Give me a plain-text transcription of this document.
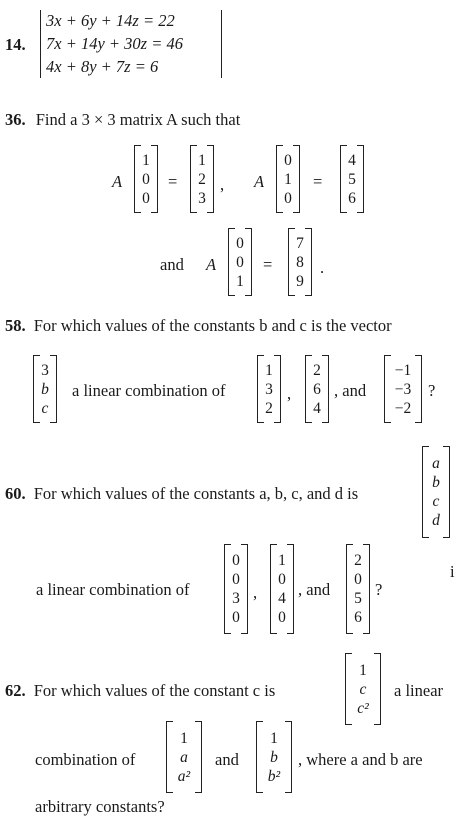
14.
3x + 6y + 14z = 22
7x + 14y + 30z = 46
4x + 8y + 7z = 6
36. Find a 3 × 3 matrix A such that
A
1
0
0
=
1
2
3
, A
0
1
0
=
4
5
6
and A
0
0
1
=
7
8
9
.
58. For which values of the constants b and c is the vector
3
b
c
a linear combination of
1
3
2
,
2
6
4
, and
−1
−3
−2
?
a
b
c
d
60. For which values of the constants a, b, c, and d is
i
a linear combination of
0
0
3
0
,
1
0
4
0
, and
2
0
5
6
?
62. For which values of the constant c is
1
c
c²
a linear
combination of
1
a
a²
and
1
b
b²
, where a and b are
arbitrary constants?
